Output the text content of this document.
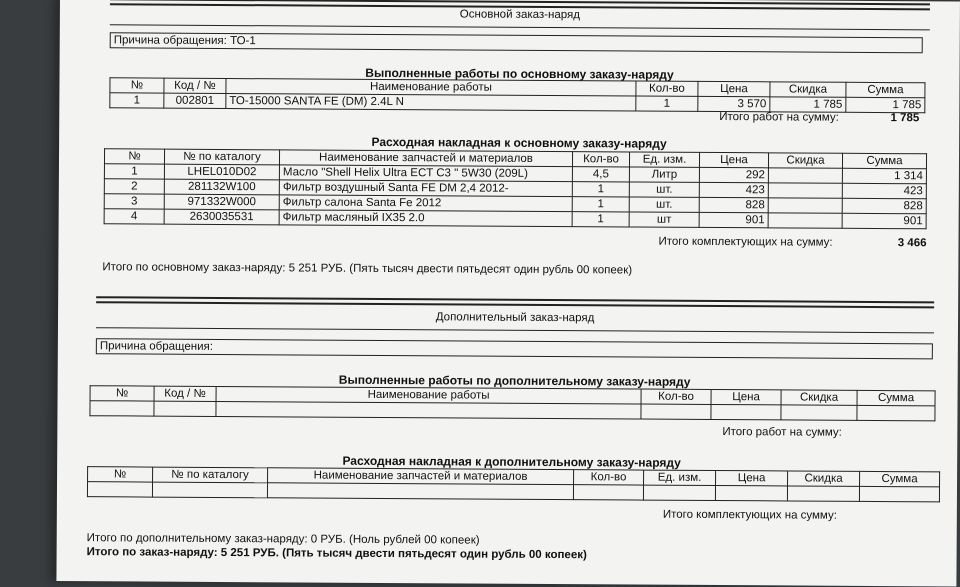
Основной заказ-наряд
Причина обращения: ТО-1
Выполненные работы по основному заказу-наряду
№	Код / №	Наименование работы	Кол-во	Цена	Скидка	Сумма
1	002801	ТО-15000 SANTA FE (DM) 2.4L N	1	3 570	1 785	1 785
Итого работ на сумму:	1 785
Расходная накладная к основному заказу-наряду
№	№ по каталогу	Наименование запчастей и материалов	Кол-во	Ед. изм.	Цена	Скидка	Сумма
1	LHEL010D02	Масло "Shell Helix Ultra ECT C3 " 5W30 (209L)	4,5	Литр	292		1 314
2	281132W100	Фильтр воздушный Santa FE DM 2,4 2012-	1	шт.	423		423
3	971332W000	Фильтр салона Santa Fe 2012	1	шт.	828		828
4	2630035531	Фильтр масляный IX35 2.0	1	шт	901		901
Итого комплектующих на сумму:	3 466
Итого по основному заказ-наряду: 5 251 РУБ. (Пять тысяч двести пятьдесят один рубль 00 копеек)
Дополнительный заказ-наряд
Причина обращения:
Выполненные работы по дополнительному заказу-наряду
№	Код / №	Наименование работы	Кол-во	Цена	Скидка	Сумма

Итого работ на сумму:
Расходная накладная к дополнительному заказу-наряду
№	№ по каталогу	Наименование запчастей и материалов	Кол-во	Ед. изм.	Цена	Скидка	Сумма

Итого комплектующих на сумму:
Итого по дополнительному заказ-наряду: 0 РУБ. (Ноль рублей 00 копеек)
Итого по заказ-наряду: 5 251 РУБ. (Пять тысяч двести пятьдесят один рубль 00 копеек)
